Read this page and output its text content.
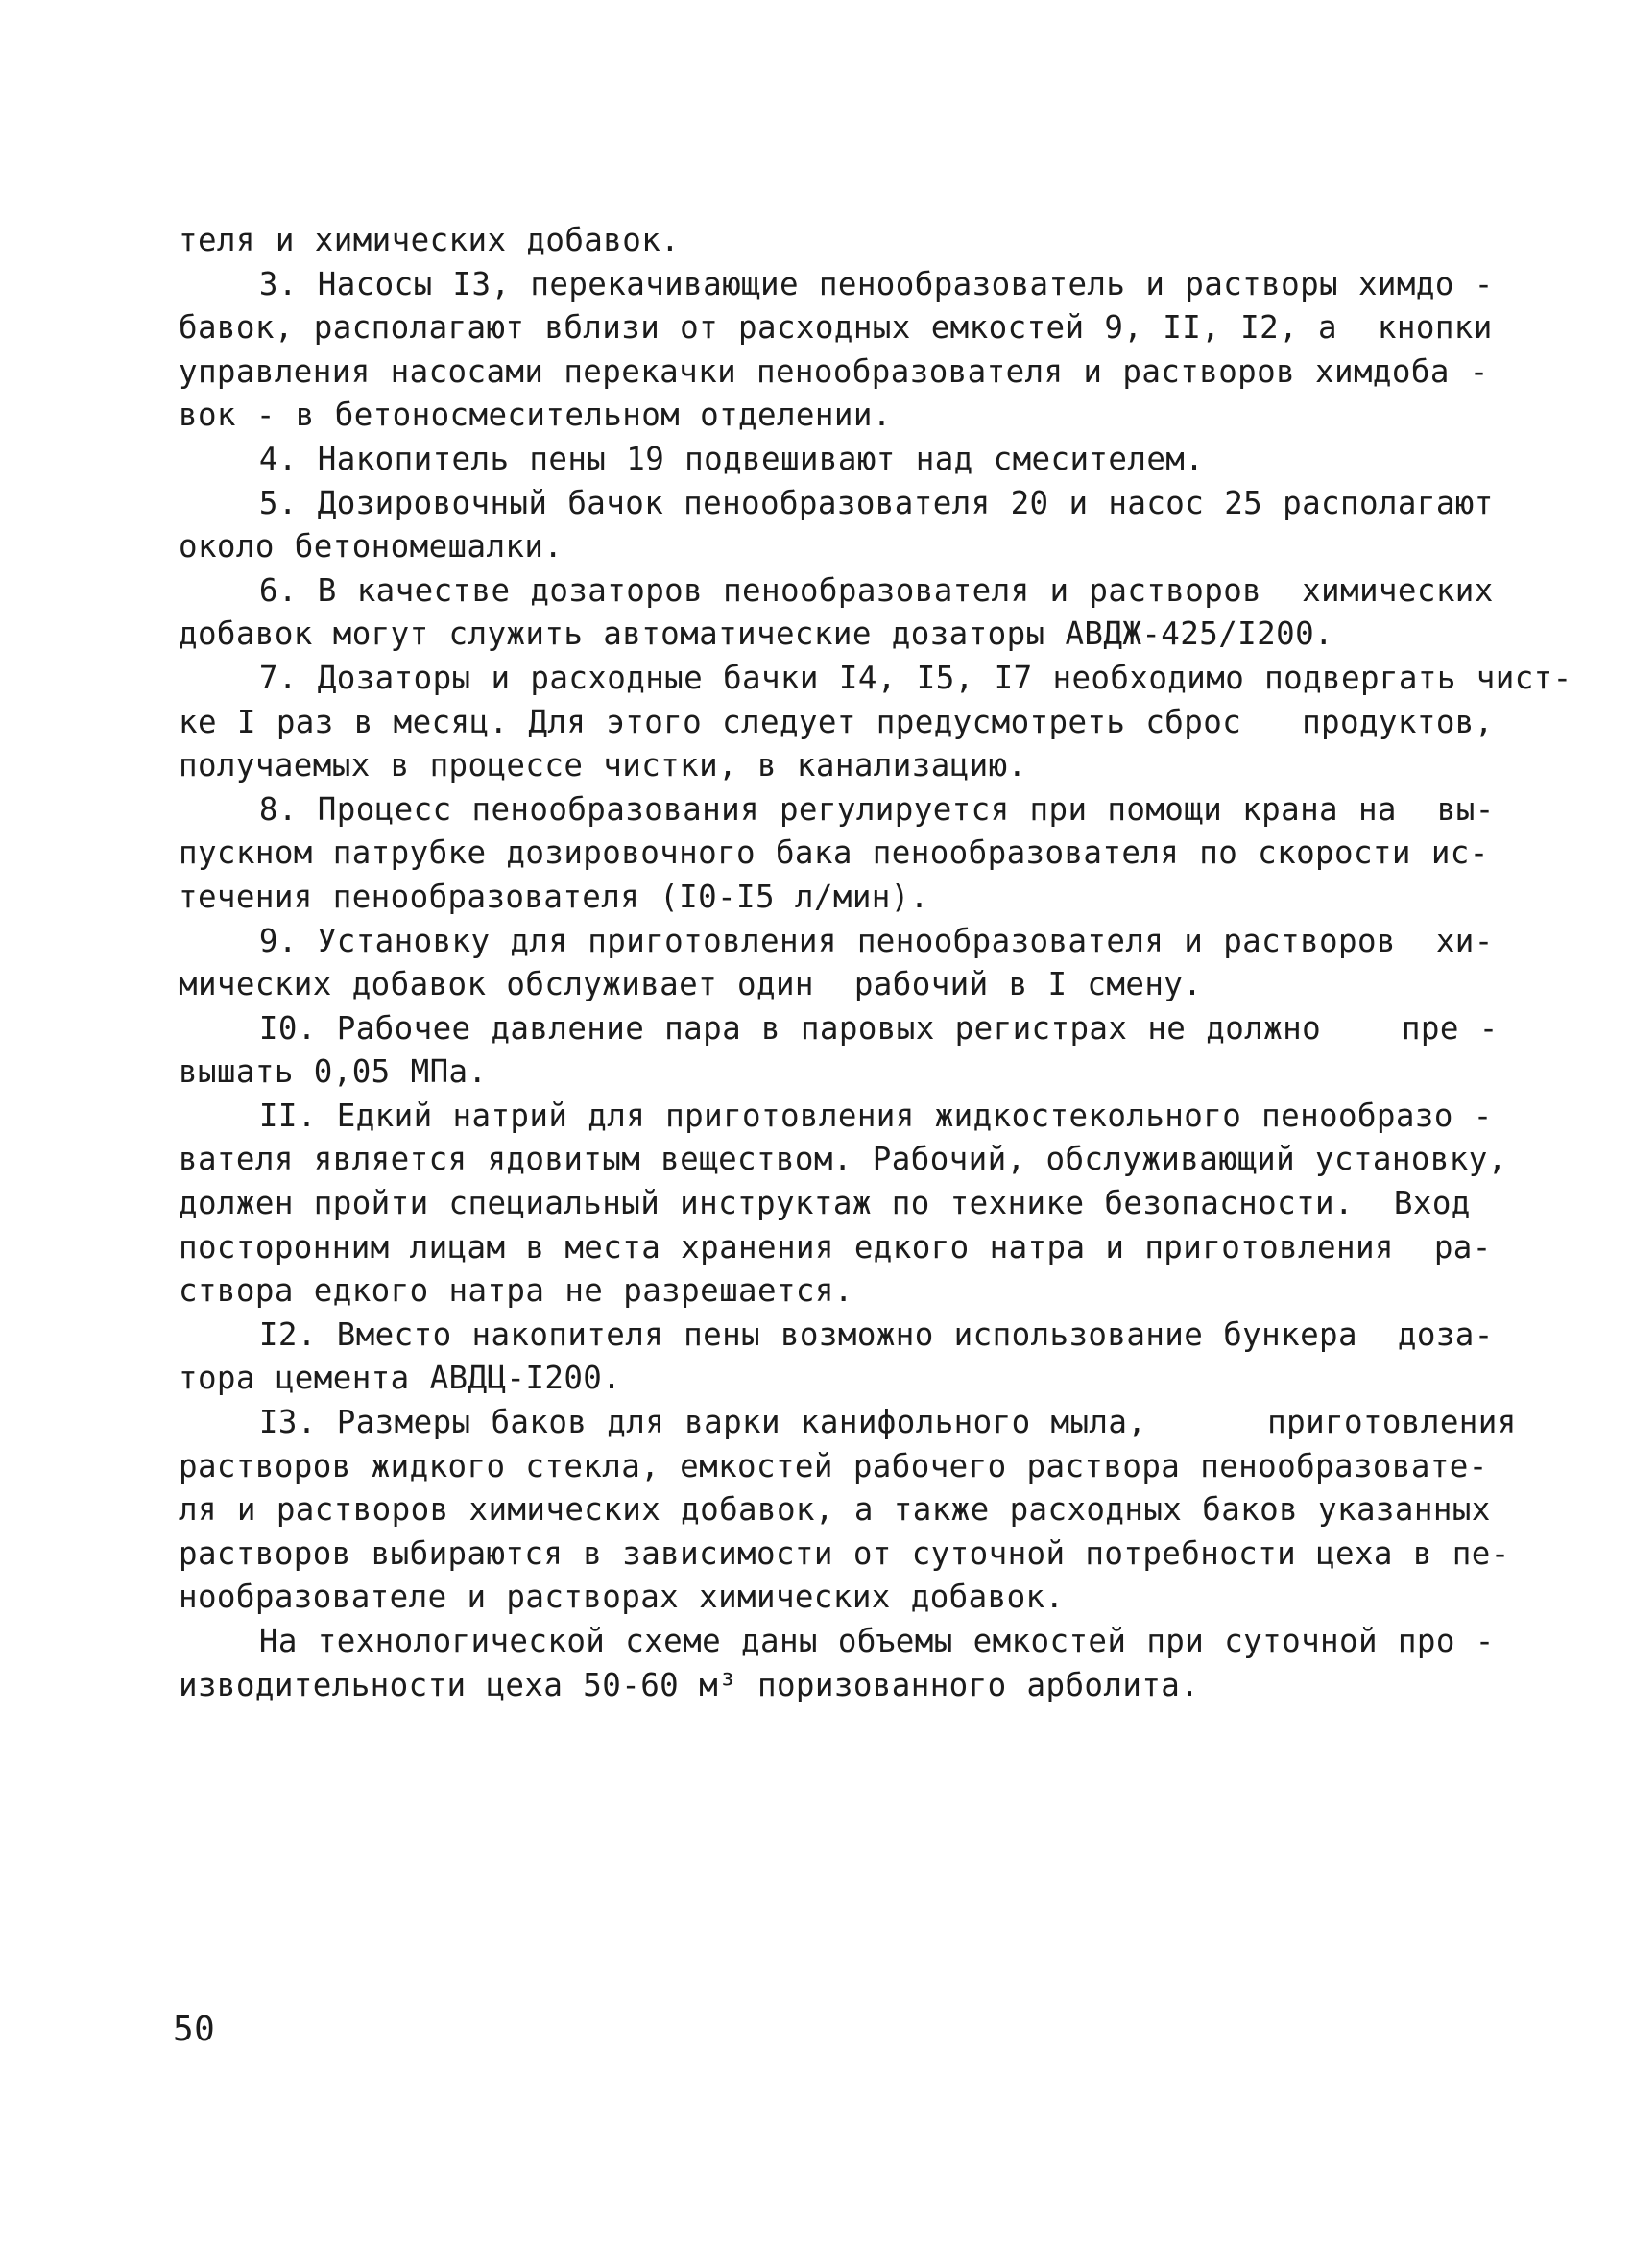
теля и химических добавок.
3. Насосы I3, перекачивающие пенообразователь и растворы химдо -
бавок, располагают вблизи от расходных емкостей 9, II, I2, а  кнопки
управления насосами перекачки пенообразователя и растворов химдоба -
вок - в бетоносмесительном отделении.
4. Накопитель пены 19 подвешивают над смесителем.
5. Дозировочный бачок пенообразователя 20 и насос 25 располагают
около бетономешалки.
6. В качестве дозаторов пенообразователя и растворов  химических
добавок могут служить автоматические дозаторы АВДЖ-425/I200.
7. Дозаторы и расходные бачки I4, I5, I7 необходимо подвергать чист-
ке I раз в месяц. Для этого следует предусмотреть сброс   продуктов,
получаемых в процессе чистки, в канализацию.
8. Процесс пенообразования регулируется при помощи крана на  вы-
пускном патрубке дозировочного бака пенообразователя по скорости ис-
течения пенообразователя (I0-I5 л/мин).
9. Установку для приготовления пенообразователя и растворов  хи-
мических добавок обслуживает один  рабочий в I смену.
I0. Рабочее давление пара в паровых регистрах не должно    пре -
вышать 0,05 МПа.
II. Едкий натрий для приготовления жидкостекольного пенообразо -
вателя является ядовитым веществом. Рабочий, обслуживающий установку,
должен пройти специальный инструктаж по технике безопасности.  Вход
посторонним лицам в места хранения едкого натра и приготовления  ра-
створа едкого натра не разрешается.
I2. Вместо накопителя пены возможно использование бункера  доза-
тора цемента АВДЦ-I200.
I3. Размеры баков для варки канифольного мыла,      приготовления
растворов жидкого стекла, емкостей рабочего раствора пенообразовате-
ля и растворов химических добавок, а также расходных баков указанных
растворов выбираются в зависимости от суточной потребности цеха в пе-
нообразователе и растворах химических добавок.
На технологической схеме даны объемы емкостей при суточной про -
изводительности цеха 50-60 м³ поризованного арболита.
50
